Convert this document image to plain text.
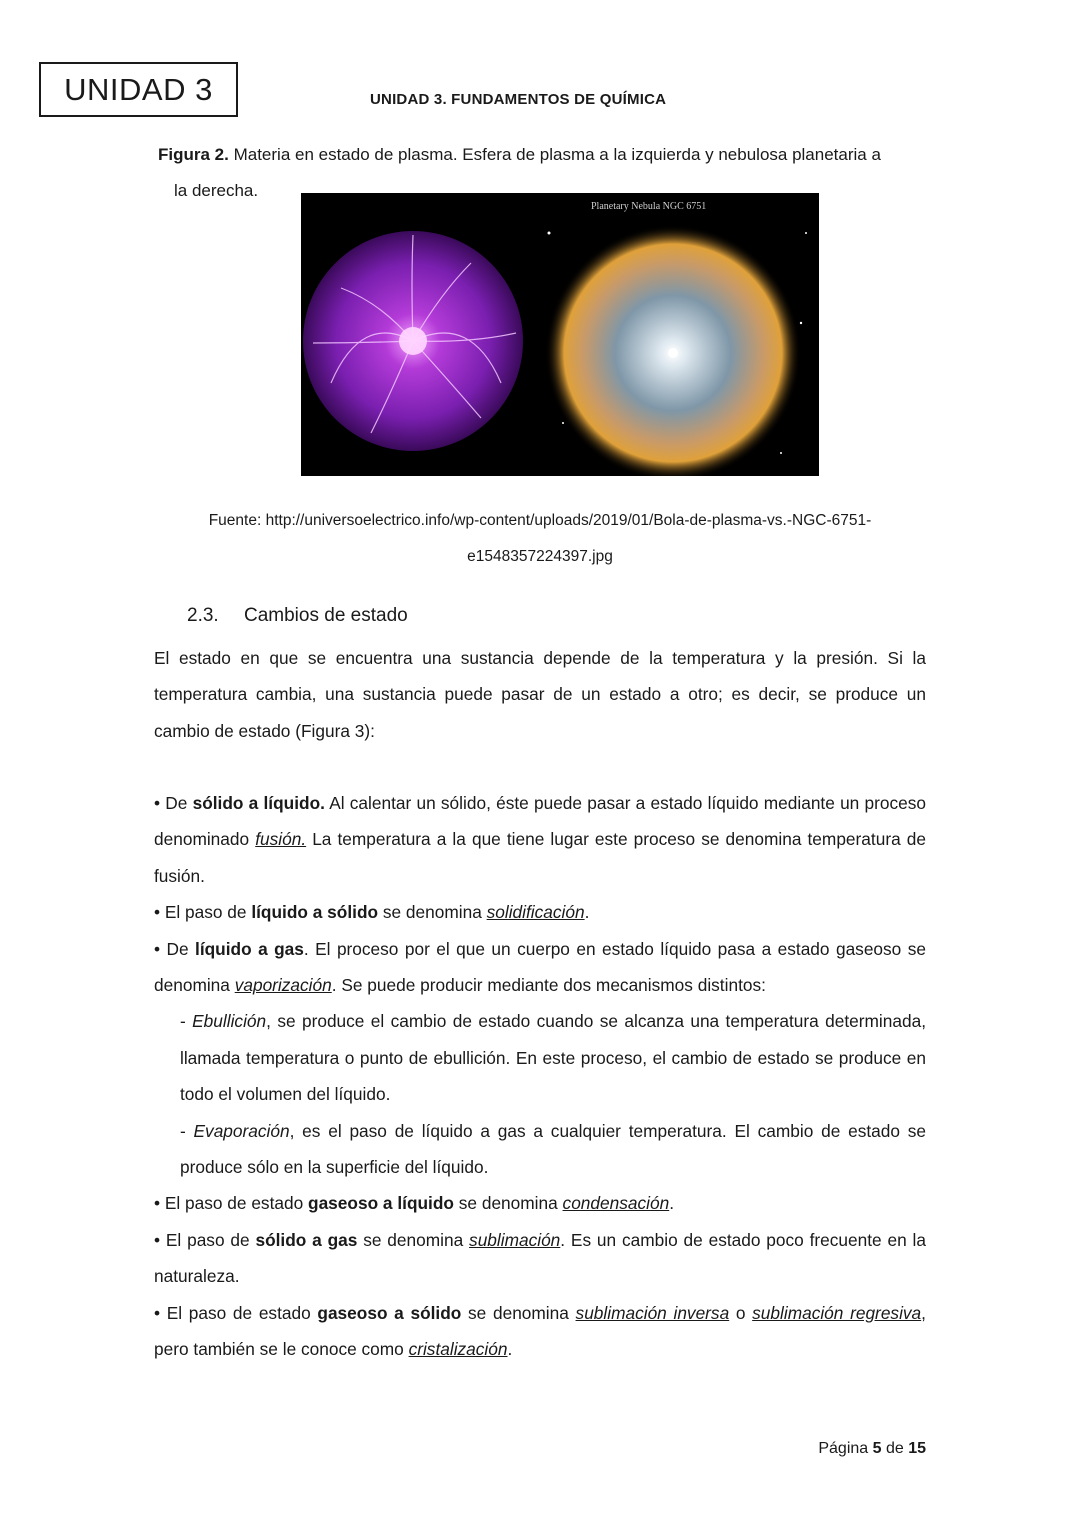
UNIDAD 3	UNIDAD 3. FUNDAMENTOS DE QUÍMICA
Figura 2. Materia en estado de plasma. Esfera de plasma a la izquierda y nebulosa planetaria a
la derecha.
Planetary Nebula NGC 6751
Fuente: http://universoelectrico.info/wp-content/uploads/2019/01/Bola-de-plasma-vs.-NGC-6751-
e1548357224397.jpg
2.3. Cambios de estado

El estado en que se encuentra una sustancia depende de la temperatura y la presión. Si la temperatura cambia, una sustancia puede pasar de un estado a otro; es decir, se produce un cambio de estado (Figura 3):

• De sólido a líquido. Al calentar un sólido, éste puede pasar a estado líquido mediante un proceso denominado fusión. La temperatura a la que tiene lugar este proceso se denomina temperatura de fusión.

• El paso de líquido a sólido se denomina solidificación.

• De líquido a gas. El proceso por el que un cuerpo en estado líquido pasa a estado gaseoso se denomina vaporización. Se puede producir mediante dos mecanismos distintos:

- Ebullición, se produce el cambio de estado cuando se alcanza una temperatura determinada, llamada temperatura o punto de ebullición. En este proceso, el cambio de estado se produce en todo el volumen del líquido.

- Evaporación, es el paso de líquido a gas a cualquier temperatura. El cambio de estado se produce sólo en la superficie del líquido.

• El paso de estado gaseoso a líquido se denomina condensación.

• El paso de sólido a gas se denomina sublimación. Es un cambio de estado poco frecuente en la naturaleza.

• El paso de estado gaseoso a sólido se denomina sublimación inversa o sublimación regresiva, pero también se le conoce como cristalización.

Página 5 de 15
